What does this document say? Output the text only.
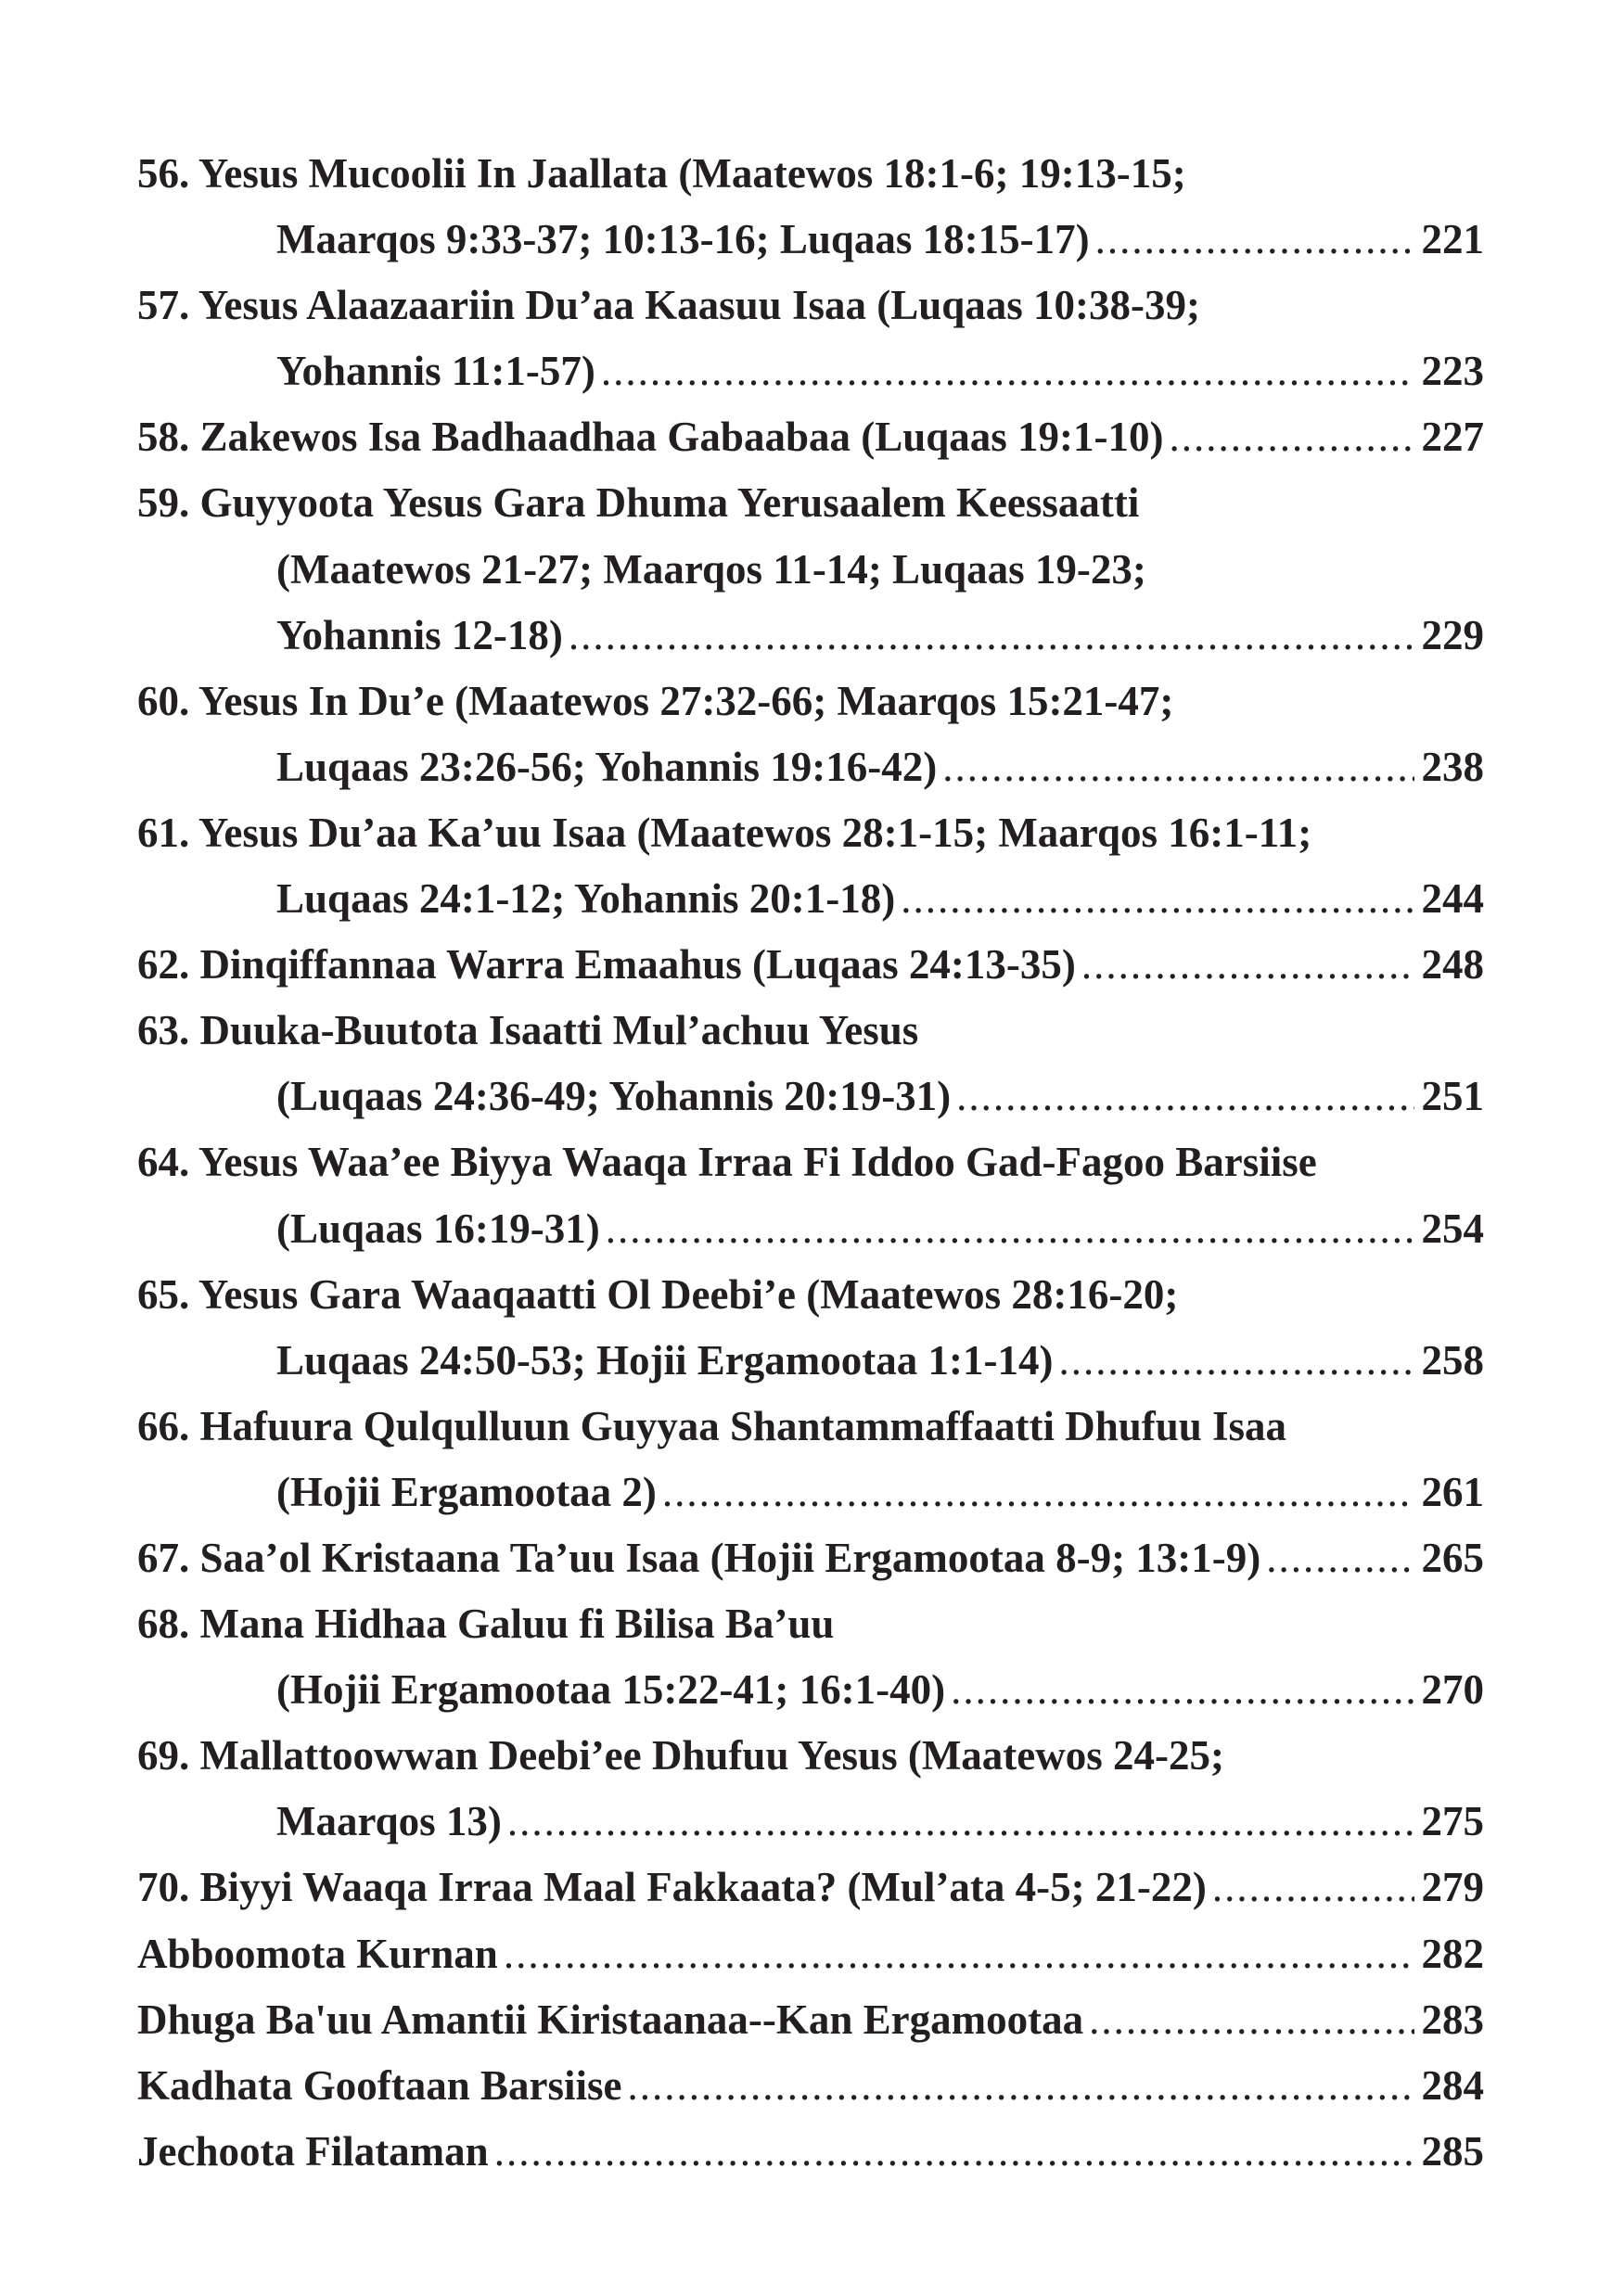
56. Yesus Mucoolii In Jaallata (Maatewos 18:1-6; 19:13-15;
Maarqos 9:33-37; 10:13-16; Luqaas 18:15-17) .....	221
57. Yesus Alaazaariin Du’aa Kaasuu Isaa (Luqaas 10:38-39;
Yohannis 11:1-57) .....	223
58. Zakewos Isa Badhaadhaa Gabaabaa (Luqaas 19:1-10) .....	227
59. Guyyoota Yesus Gara Dhuma Yerusaalem Keessaatti
(Maatewos 21-27; Maarqos 11-14; Luqaas 19-23;
Yohannis 12-18) .....	229
60. Yesus In Du’e (Maatewos 27:32-66; Maarqos 15:21-47;
Luqaas 23:26-56; Yohannis 19:16-42) .....	238
61. Yesus Du’aa Ka’uu Isaa (Maatewos 28:1-15; Maarqos 16:1-11;
Luqaas 24:1-12; Yohannis 20:1-18) .....	244
62. Dinqiffannaa Warra Emaahus (Luqaas 24:13-35) .....	248
63. Duuka-Buutota Isaatti Mul’achuu Yesus
(Luqaas 24:36-49; Yohannis 20:19-31) .....	251
64. Yesus Waa’ee Biyya Waaqa Irraa Fi Iddoo Gad-Fagoo Barsiise
(Luqaas 16:19-31) .....	254
65. Yesus Gara Waaqaatti Ol Deebi’e (Maatewos 28:16-20;
Luqaas 24:50-53; Hojii Ergamootaa 1:1-14) .....	258
66. Hafuura Qulqulluun Guyyaa Shantammaffaatti Dhufuu Isaa
(Hojii Ergamootaa 2) .....	261
67. Saa’ol Kristaana Ta’uu Isaa (Hojii Ergamootaa 8-9; 13:1-9) .....	265
68. Mana Hidhaa Galuu fi Bilisa Ba’uu
(Hojii Ergamootaa 15:22-41; 16:1-40) .....	270
69. Mallattoowwan Deebi’ee Dhufuu Yesus (Maatewos 24-25;
Maarqos 13) .....	275
70. Biyyi Waaqa Irraa Maal Fakkaata? (Mul’ata 4-5; 21-22) .....	279
Abboomota Kurnan .....	282
Dhuga Ba'uu Amantii Kiristaanaa--Kan Ergamootaa .....	283
Kadhata Gooftaan Barsiise .....	284
Jechoota Filataman .....	285
